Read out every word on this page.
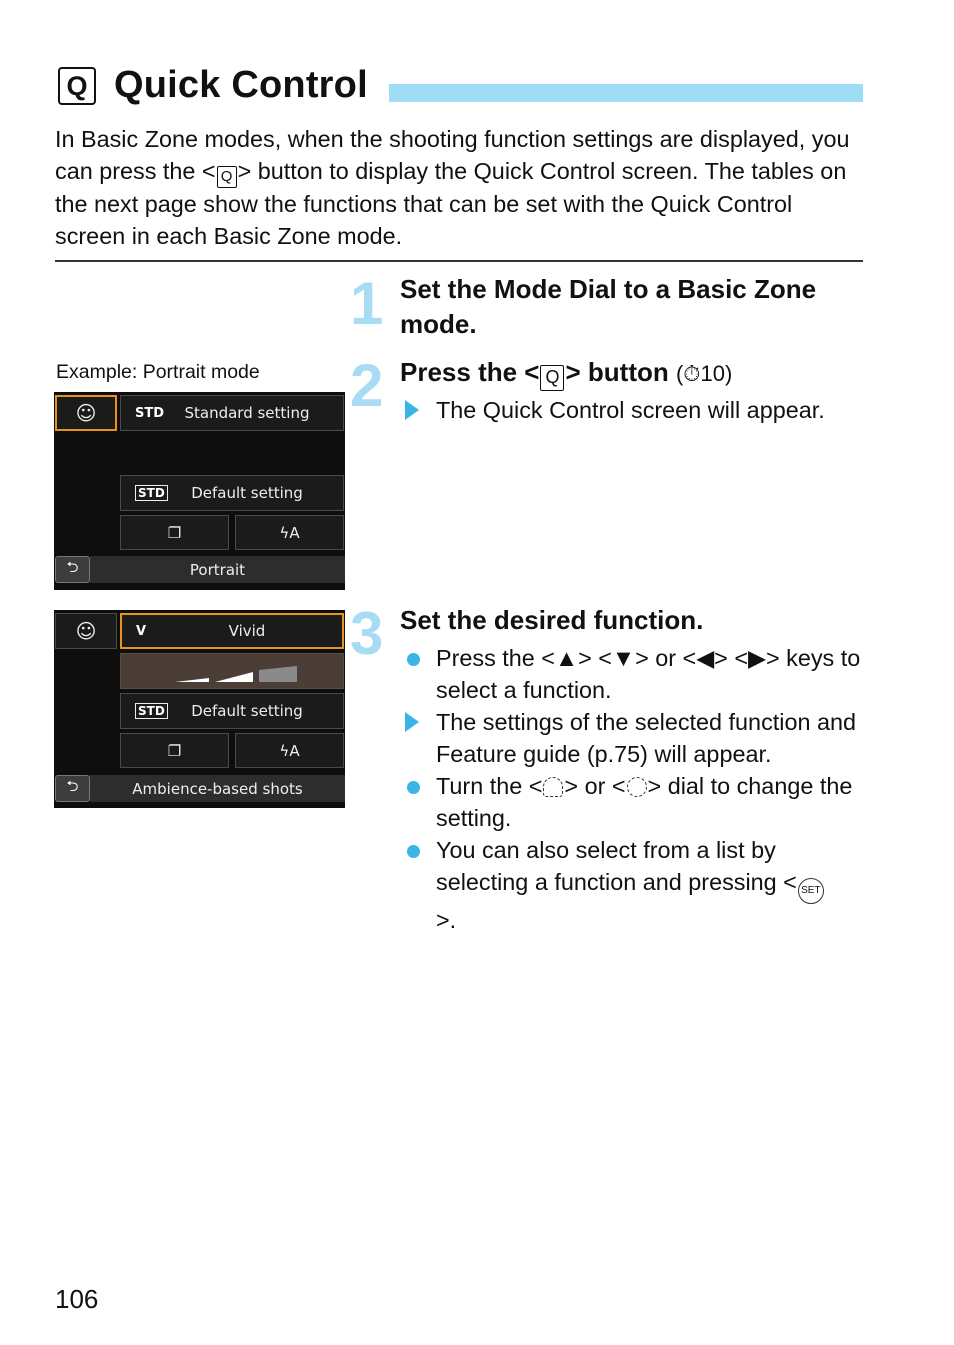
Q Quick Control
In Basic Zone modes, when the shooting function settings are displayed, you can press the < Q > button to display the Quick Control screen. The tables on the next page show the functions that can be set with the Quick Control screen in each Basic Zone mode.
1 Set the Mode Dial to a Basic Zone mode.
Example: Portrait mode 2 Press the < Q > button (⏱10)
The Quick Control screen will appear.
☺	STD	Standard setting
STD	Default setting
❐	ϟA
⮌	Portrait
3 Set the desired function.
Press the <▲> <▼> or <◀> <▶> keys to select a function.
The settings of the selected function and Feature guide (p.75) will appear.
Turn the < > or < > dial to change the setting.
You can also select from a list by selecting a function and pressing < SET>.
☺	V	Vivid
STD	Default setting
❐	ϟA
⮌	Ambience-based shots
106
